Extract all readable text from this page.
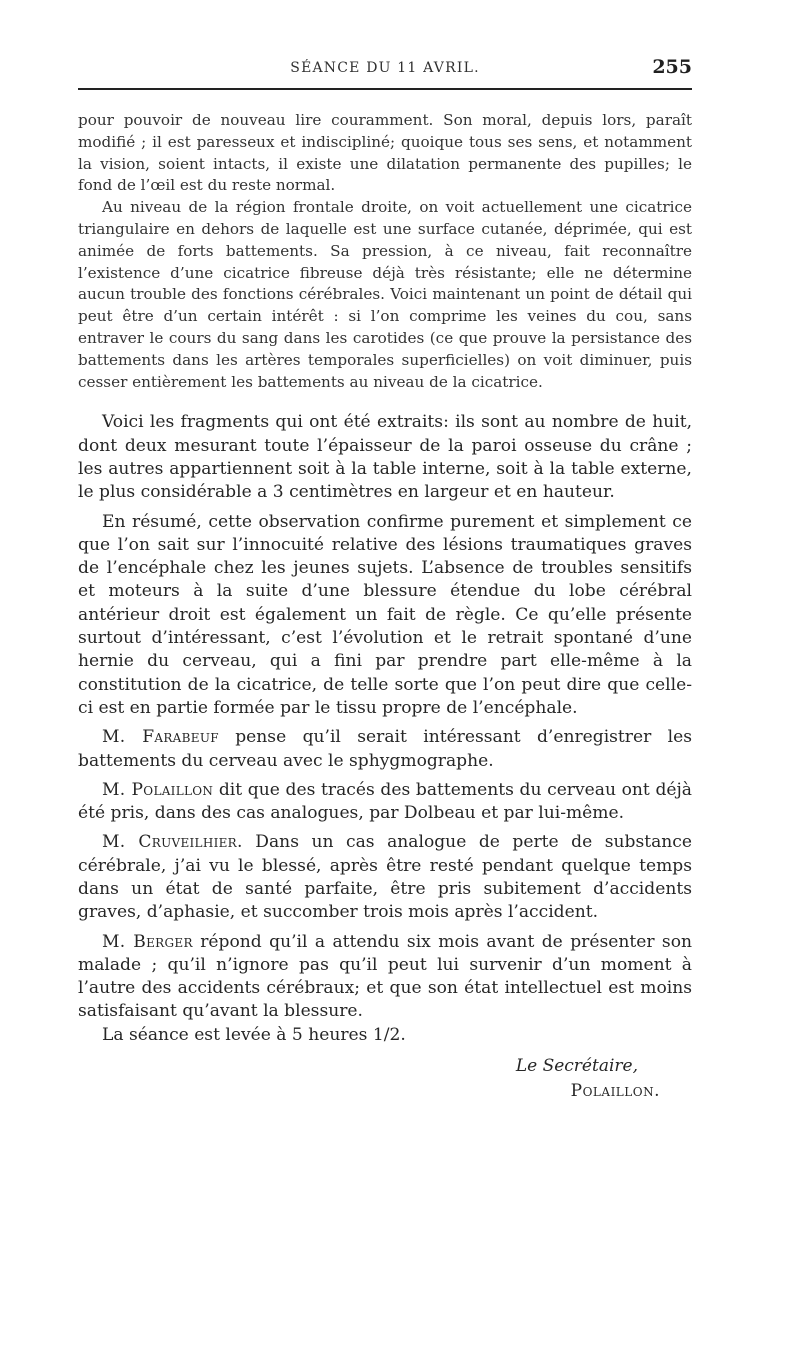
SÉANCE DU 11 AVRIL.	255

pour pouvoir de nouveau lire couramment. Son moral, depuis lors, paraît modifié ; il est paresseux et indiscipliné; quoique tous ses sens, et notamment la vision, soient intacts, il existe une dilatation permanente des pupilles; le fond de l’œil est du reste normal.

Au niveau de la région frontale droite, on voit actuellement une cicatrice triangulaire en dehors de laquelle est une surface cutanée, déprimée, qui est animée de forts battements. Sa pression, à ce niveau, fait reconnaître l’existence d’une cicatrice fibreuse déjà très résistante; elle ne détermine aucun trouble des fonctions cérébrales. Voici maintenant un point de détail qui peut être d’un certain intérêt : si l’on comprime les veines du cou, sans entraver le cours du sang dans les carotides (ce que prouve la persistance des battements dans les artères temporales superficielles) on voit diminuer, puis cesser entièrement les battements au niveau de la cicatrice.

Voici les fragments qui ont été extraits: ils sont au nombre de huit, dont deux mesurant toute l’épaisseur de la paroi osseuse du crâne ; les autres appartiennent soit à la table interne, soit à la table externe, le plus considérable a 3 centimètres en largeur et en hauteur.

En résumé, cette observation confirme purement et simplement ce que l’on sait sur l’innocuité relative des lésions traumatiques graves de l’encéphale chez les jeunes sujets. L’absence de troubles sensitifs et moteurs à la suite d’une blessure étendue du lobe cérébral antérieur droit est également un fait de règle. Ce qu’elle présente surtout d’intéressant, c’est l’évolution et le retrait spontané d’une hernie du cerveau, qui a fini par prendre part elle-même à la constitution de la cicatrice, de telle sorte que l’on peut dire que celle-ci est en partie formée par le tissu propre de l’encéphale.

M. Farabeuf pense qu’il serait intéressant d’enregistrer les battements du cerveau avec le sphygmographe.

M. Polaillon dit que des tracés des battements du cerveau ont déjà été pris, dans des cas analogues, par Dolbeau et par lui-même.

M. Cruveilhier. Dans un cas analogue de perte de substance cérébrale, j’ai vu le blessé, après être resté pendant quelque temps dans un état de santé parfaite, être pris subitement d’accidents graves, d’aphasie, et succomber trois mois après l’accident.

M. Berger répond qu’il a attendu six mois avant de présenter son malade ; qu’il n’ignore pas qu’il peut lui survenir d’un moment à l’autre des accidents cérébraux; et que son état intellectuel est moins satisfaisant qu’avant la blessure.

La séance est levée à 5 heures 1/2.

Le Secrétaire,
Polaillon.
